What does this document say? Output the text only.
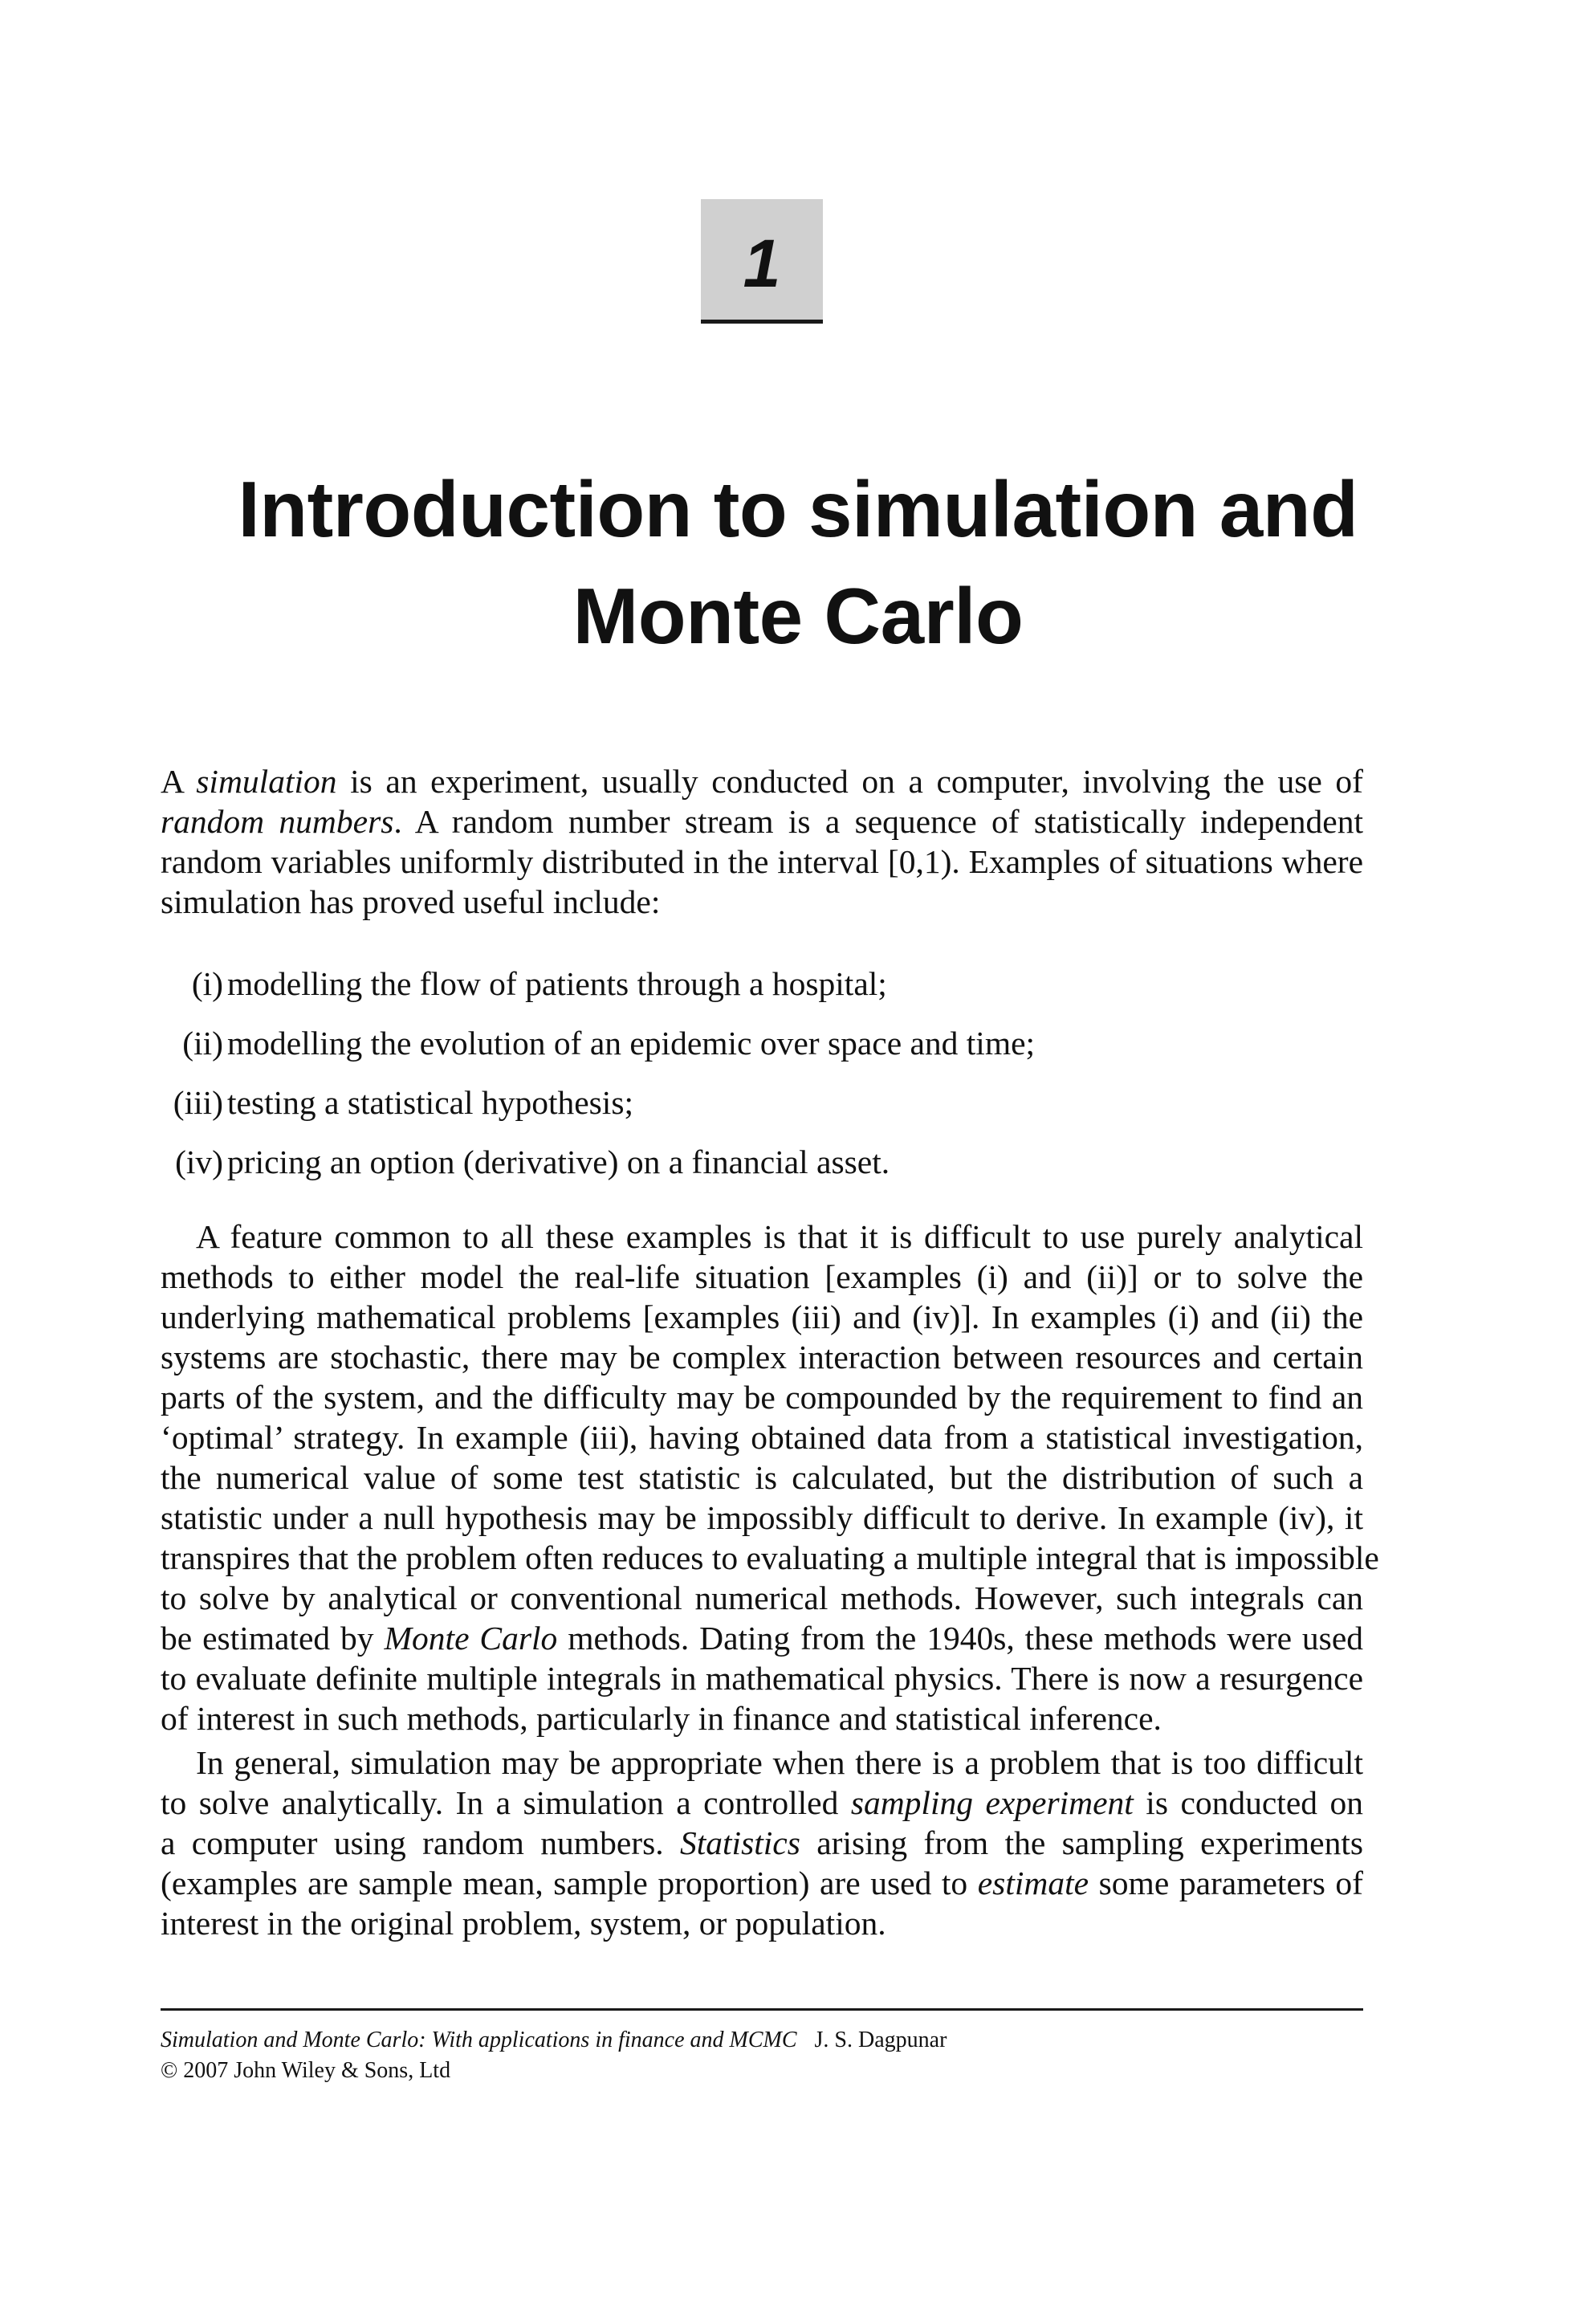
1
Introduction to simulation and
Monte Carlo
A simulation is an experiment, usually conducted on a computer, involving the use of
random numbers. A random number stream is a sequence of statistically independent
random variables uniformly distributed in the interval [0,1). Examples of situations where
simulation has proved useful include:
(i) modelling the flow of patients through a hospital;
(ii) modelling the evolution of an epidemic over space and time;
(iii) testing a statistical hypothesis;
(iv) pricing an option (derivative) on a financial asset.
A feature common to all these examples is that it is difficult to use purely analytical
methods to either model the real-life situation [examples (i) and (ii)] or to solve the
underlying mathematical problems [examples (iii) and (iv)]. In examples (i) and (ii) the
systems are stochastic, there may be complex interaction between resources and certain
parts of the system, and the difficulty may be compounded by the requirement to find an
‘optimal’ strategy. In example (iii), having obtained data from a statistical investigation,
the numerical value of some test statistic is calculated, but the distribution of such a
statistic under a null hypothesis may be impossibly difficult to derive. In example (iv), it
transpires that the problem often reduces to evaluating a multiple integral that is impossible
to solve by analytical or conventional numerical methods. However, such integrals can
be estimated by Monte Carlo methods. Dating from the 1940s, these methods were used
to evaluate definite multiple integrals in mathematical physics. There is now a resurgence
of interest in such methods, particularly in finance and statistical inference.
In general, simulation may be appropriate when there is a problem that is too difficult
to solve analytically. In a simulation a controlled sampling experiment is conducted on
a computer using random numbers. Statistics arising from the sampling experiments
(examples are sample mean, sample proportion) are used to estimate some parameters of
interest in the original problem, system, or population.
Simulation and Monte Carlo: With applications in finance and MCMC J. S. Dagpunar
© 2007 John Wiley & Sons, Ltd
